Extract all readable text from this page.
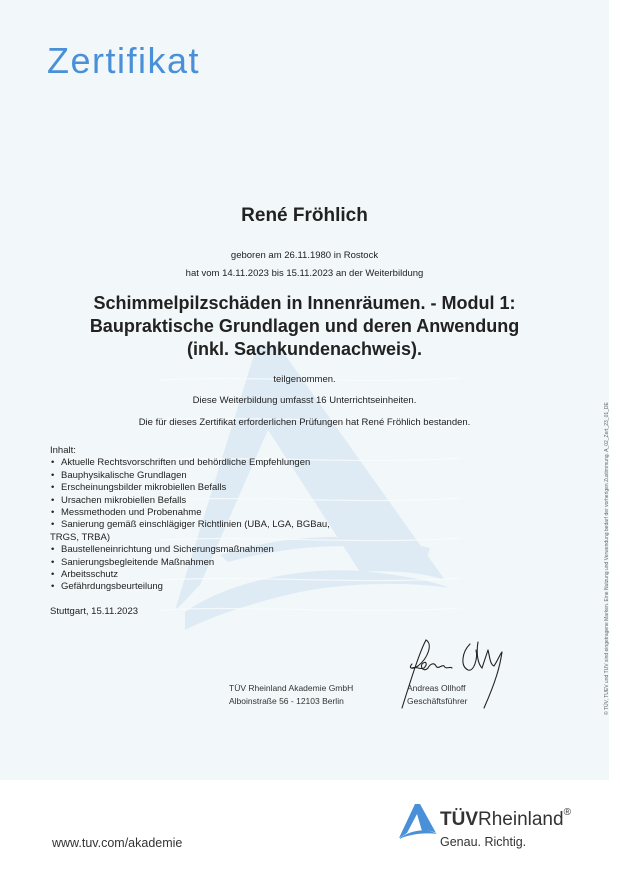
Zertifikat
René Fröhlich
geboren am 26.11.1980 in Rostock
hat vom 14.11.2023 bis 15.11.2023 an der Weiterbildung
Schimmelpilzschäden in Innenräumen. - Modul 1:
Baupraktische Grundlagen und deren Anwendung
(inkl. Sachkundenachweis).
teilgenommen.
Diese Weiterbildung umfasst 16 Unterrichtseinheiten.
Die für dieses Zertifikat erforderlichen Prüfungen hat René Fröhlich bestanden.
Inhalt:
• Aktuelle Rechtsvorschriften und behördliche Empfehlungen
• Bauphysikalische Grundlagen
• Erscheinungsbilder mikrobiellen Befalls
• Ursachen mikrobiellen Befalls
• Messmethoden und Probenahme
• Sanierung gemäß einschlägiger Richtlinien (UBA, LGA, BGBau,
TRGS, TRBA)
• Baustelleneinrichtung und Sicherungsmaßnahmen
• Sanierungsbegleitende Maßnahmen
• Arbeitsschutz
• Gefährdungsbeurteilung
Stuttgart, 15.11.2023
TÜV Rheinland Akademie GmbH
Alboinstraße 56 - 12103 Berlin
Andreas Ollhoff
Geschäftsführer	© TÜV, TUEV und TUV sind eingetragene Marken. Eine Nutzung und Verwendung bedarf der vorherigen Zustimmung. A_02_Zert_23_01_DE
www.tuv.com/akademie
TÜVRheinland®
Genau. Richtig.
